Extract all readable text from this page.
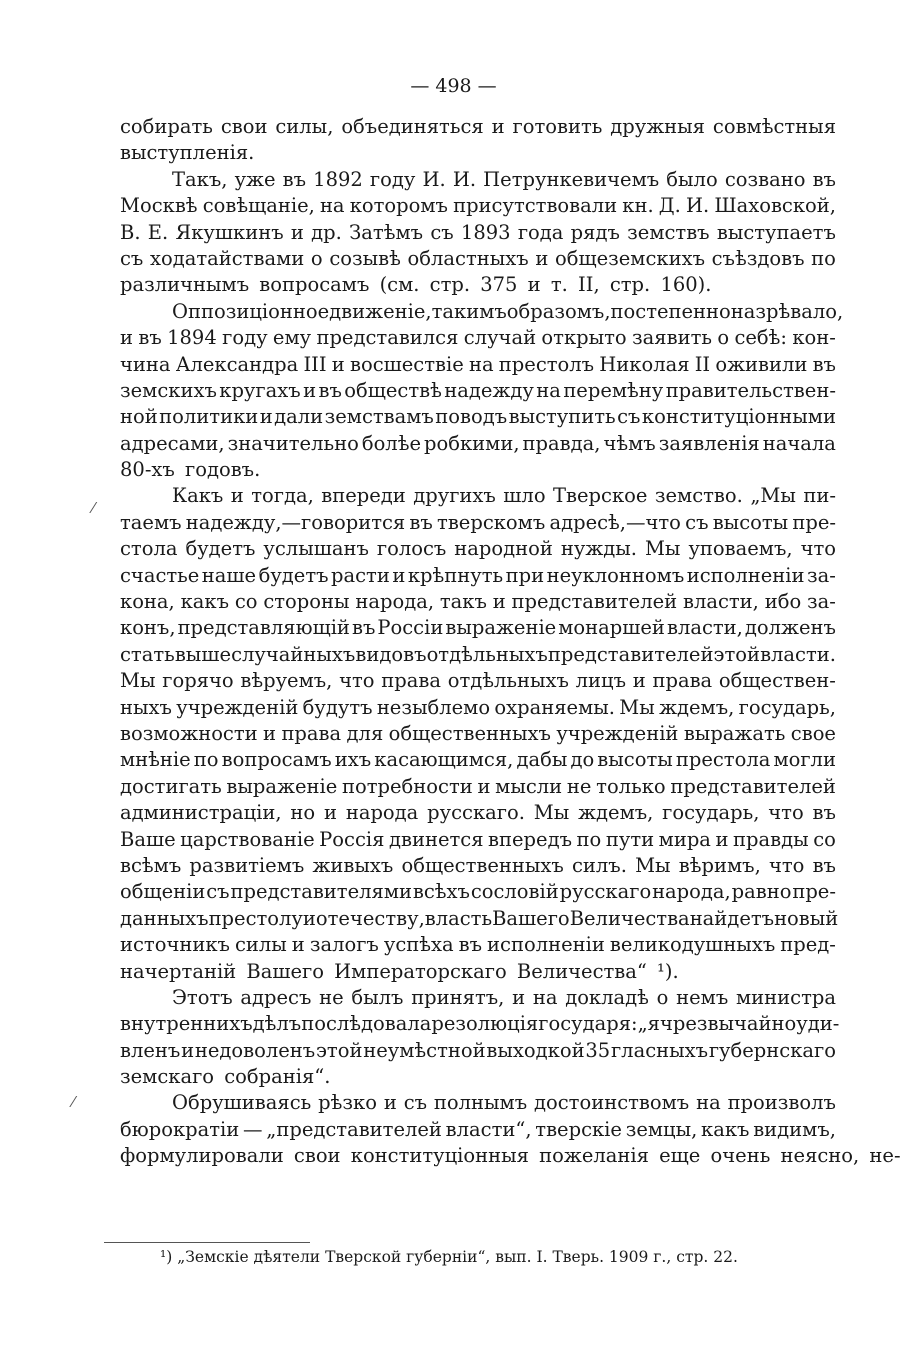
— 498 —
собирать свои силы, объединяться и готовить дружныя совмѣстныя
выступленія.
Такъ, уже въ 1892 году И. И. Петрункевичемъ было созвано въ
Москвѣ совѣщаніе, на которомъ присутствовали кн. Д. И. Шаховской,
В. Е. Якушкинъ и др. Затѣмъ съ 1893 года рядъ земствъ выступаетъ
съ ходатайствами о созывѣ областныхъ и общеземскихъ съѣздовъ по
различнымъ вопросамъ (см. стр. 375 и т. II, стр. 160).
Оппозиціонное движеніе, такимъ образомъ, постепенно назрѣвало,
и въ 1894 году ему представился случай открыто заявить о себѣ: кон-
чина Александра III и восшествіе на престолъ Николая II оживили въ
земскихъ кругахъ и въ обществѣ надежду на перемѣну правительствен-
ной политики и дали земствамъ поводъ выступить съ конституціонными
адресами, значительно болѣе робкими, правда, чѣмъ заявленія начала
80-хъ годовъ.
Какъ и тогда, впереди другихъ шло Тверское земство. „Мы пи-
таемъ надежду,—говорится въ тверскомъ адресѣ,—что съ высоты пре-
стола будетъ услышанъ голосъ народной нужды. Мы уповаемъ, что
счастье наше будетъ расти и крѣпнуть при неуклонномъ исполненіи за-
кона, какъ со стороны народа, такъ и представителей власти, ибо за-
конъ, представляющій въ Россіи выраженіе монаршей власти, долженъ
стать выше случайныхъ видовъ отдѣльныхъ представителей этой власти.
Мы горячо вѣруемъ, что права отдѣльныхъ лицъ и права обществен-
ныхъ учрежденій будутъ незыблемо охраняемы. Мы ждемъ, государь,
возможности и права для общественныхъ учрежденій выражать свое
мнѣніе по вопросамъ ихъ касающимся, дабы до высоты престола могли
достигать выраженіе потребности и мысли не только представителей
администраціи, но и народа русскаго. Мы ждемъ, государь, что въ
Ваше царствованіе Россія двинется впередъ по пути мира и правды со
всѣмъ развитіемъ живыхъ общественныхъ силъ. Мы вѣримъ, что въ
общеніи съ представителями всѣхъ сословій русскаго народа, равно пре-
данныхъ престолу и отечеству, власть Вашего Величества найдетъ новый
источникъ силы и залогъ успѣха въ исполненіи великодушныхъ пред-
начертаній Вашего Императорскаго Величества“ ¹).
Этотъ адресъ не былъ принятъ, и на докладѣ о немъ министра
внутреннихъ дѣлъ послѣдовала резолюція государя: „я чрезвычайно уди-
вленъ и недоволенъ этой неумѣстной выходкой 35 гласныхъ губернскаго
земскаго собранія“.
Обрушиваясь рѣзко и съ полнымъ достоинствомъ на произволъ
бюрократіи — „представителей власти“, тверскіе земцы, какъ видимъ,
формулировали свои конституціонныя пожеланія еще очень неясно, не-
¹) „Земскіе дѣятели Тверской губерніи“, вып. I. Тверь. 1909 г., стр. 22.
⁄
⁄
